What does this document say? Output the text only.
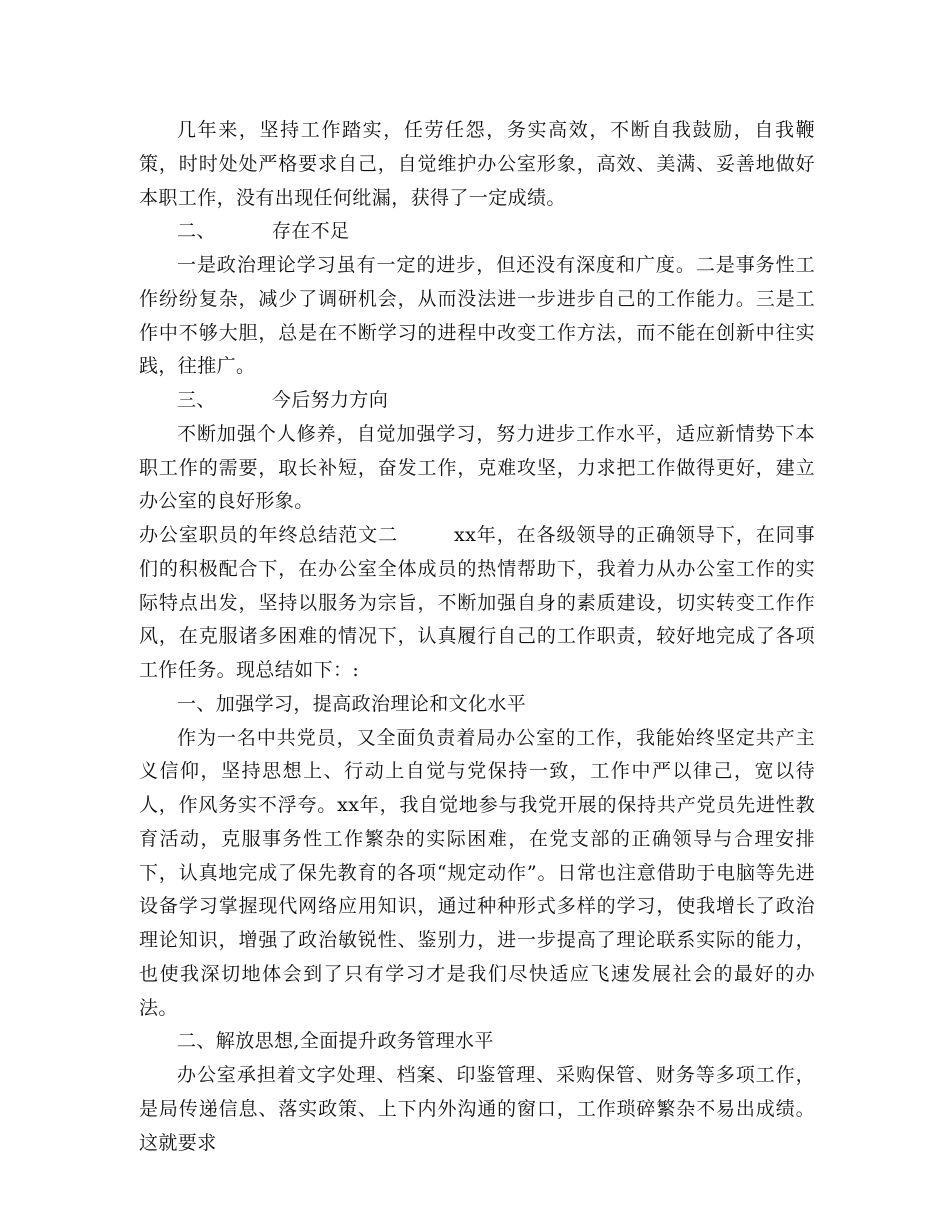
几年来，坚持工作踏实，任劳任怨，务实高效，不断自我鼓励，自我鞭策，时时处处严格要求自己，自觉维护办公室形象，高效、美满、妥善地做好本职工作，没有出现任何纰漏，获得了一定成绩。

二、	存在不足

一是政治理论学习虽有一定的进步，但还没有深度和广度。二是事务性工作纷纷复杂，减少了调研机会，从而没法进一步进步自己的工作能力。三是工作中不够大胆，总是在不断学习的进程中改变工作方法，而不能在创新中往实践，往推广。

三、	今后努力方向

不断加强个人修养，自觉加强学习，努力进步工作水平，适应新情势下本职工作的需要，取长补短，奋发工作，克难攻坚，力求把工作做得更好，建立办公室的良好形象。

办公室职员的年终总结范文二	xx年，在各级领导的正确领导下，在同事们的积极配合下，在办公室全体成员的热情帮助下，我着力从办公室工作的实际特点出发，坚持以服务为宗旨，不断加强自身的素质建设，切实转变工作作风，在克服诸多困难的情况下，认真履行自己的工作职责，较好地完成了各项工作任务。现总结如下：:

一、加强学习，提高政治理论和文化水平

作为一名中共党员，又全面负责着局办公室的工作，我能始终坚定共产主义信仰，坚持思想上、行动上自觉与党保持一致，工作中严以律己，宽以待人，作风务实不浮夸。xx年，我自觉地参与我党开展的保持共产党员先进性教育活动，克服事务性工作繁杂的实际困难，在党支部的正确领导与合理安排下，认真地完成了保先教育的各项“规定动作”。日常也注意借助于电脑等先进设备学习掌握现代网络应用知识，通过种种形式多样的学习，使我增长了政治理论知识，增强了政治敏锐性、鉴别力，进一步提高了理论联系实际的能力，也使我深切地体会到了只有学习才是我们尽快适应飞速发展社会的最好的办法。

二、解放思想,全面提升政务管理水平

办公室承担着文字处理、档案、印鉴管理、采购保管、财务等多项工作，是局传递信息、落实政策、上下内外沟通的窗口，工作琐碎繁杂不易出成绩。这就要求
